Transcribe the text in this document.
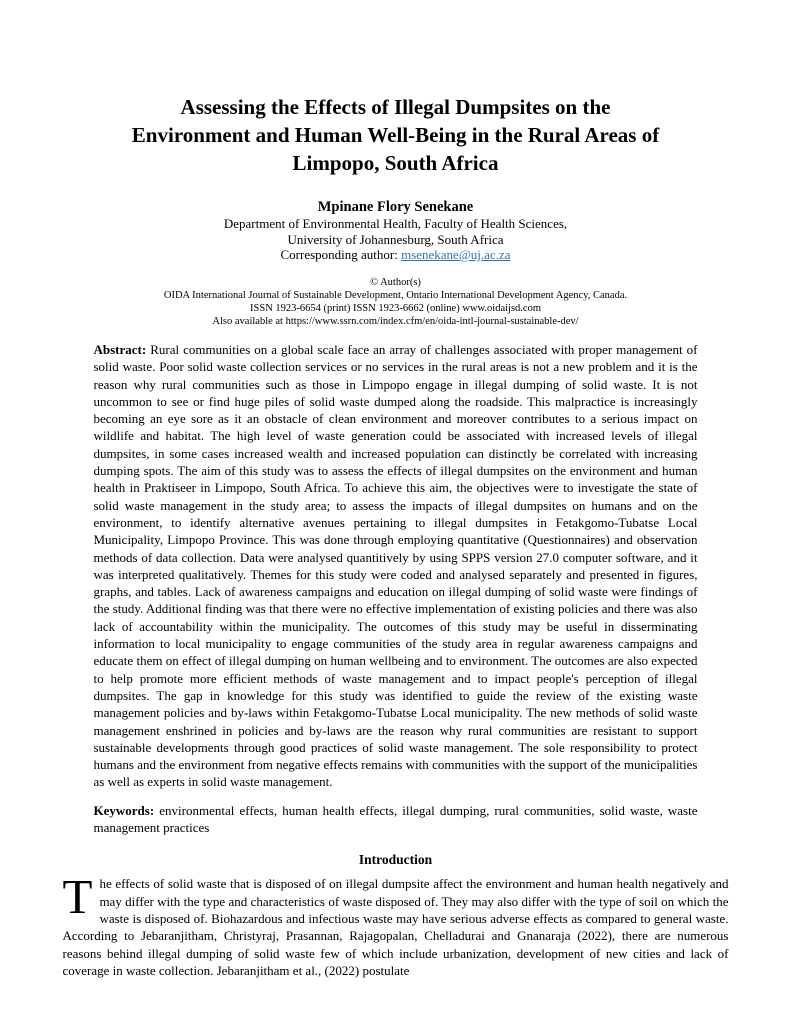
Assessing the Effects of Illegal Dumpsites on the
Environment and Human Well-Being in the Rural Areas of
Limpopo, South Africa
Mpinane Flory Senekane
Department of Environmental Health, Faculty of Health Sciences,
University of Johannesburg, South Africa
Corresponding author: msenekane@uj.ac.za
© Author(s)
OIDA International Journal of Sustainable Development, Ontario International Development Agency, Canada.
ISSN 1923-6654 (print) ISSN 1923-6662 (online) www.oidaijsd.com
Also available at https://www.ssrn.com/index.cfm/en/oida-intl-journal-sustainable-dev/

Abstract: Rural communities on a global scale face an array of challenges associated with proper management of solid waste. Poor solid waste collection services or no services in the rural areas is not a new problem and it is the reason why rural communities such as those in Limpopo engage in illegal dumping of solid waste. It is not uncommon to see or find huge piles of solid waste dumped along the roadside. This malpractice is increasingly becoming an eye sore as it an obstacle of clean environment and moreover contributes to a serious impact on wildlife and habitat. The high level of waste generation could be associated with increased levels of illegal dumpsites, in some cases increased wealth and increased population can distinctly be correlated with increasing dumping spots. The aim of this study was to assess the effects of illegal dumpsites on the environment and human health in Praktiseer in Limpopo, South Africa. To achieve this aim, the objectives were to investigate the state of solid waste management in the study area; to assess the impacts of illegal dumpsites on humans and on the environment, to identify alternative avenues pertaining to illegal dumpsites in Fetakgomo-Tubatse Local Municipality, Limpopo Province. This was done through employing quantitative (Questionnaires) and observation methods of data collection. Data were analysed quantitively by using SPPS version 27.0 computer software, and it was interpreted qualitatively. Themes for this study were coded and analysed separately and presented in figures, graphs, and tables. Lack of awareness campaigns and education on illegal dumping of solid waste were findings of the study. Additional finding was that there were no effective implementation of existing policies and there was also lack of accountability within the municipality. The outcomes of this study may be useful in disserminating information to local municipality to engage communities of the study area in regular awareness campaigns and educate them on effect of illegal dumping on human wellbeing and to environment. The outcomes are also expected to help promote more efficient methods of waste management and to impact people's perception of illegal dumpsites. The gap in knowledge for this study was identified to guide the review of the existing waste management policies and by-laws within Fetakgomo-Tubatse Local municipality. The new methods of solid waste management enshrined in policies and by-laws are the reason why rural communities are resistant to support sustainable developments through good practices of solid waste management. The sole responsibility to protect humans and the environment from negative effects remains with communities with the support of the municipalities as well as experts in solid waste management.

Keywords: environmental effects, human health effects, illegal dumping, rural communities, solid waste, waste management practices

Introduction

The effects of solid waste that is disposed of on illegal dumpsite affect the environment and human health negatively and may differ with the type and characteristics of waste disposed of. They may also differ with the type of soil on which the waste is disposed of. Biohazardous and infectious waste may have serious adverse effects as compared to general waste. According to Jebaranjitham, Christyraj, Prasannan, Rajagopalan, Chelladurai and Gnanaraja (2022), there are numerous reasons behind illegal dumping of solid waste few of which include urbanization, development of new cities and lack of coverage in waste collection. Jebaranjitham et al., (2022) postulate
